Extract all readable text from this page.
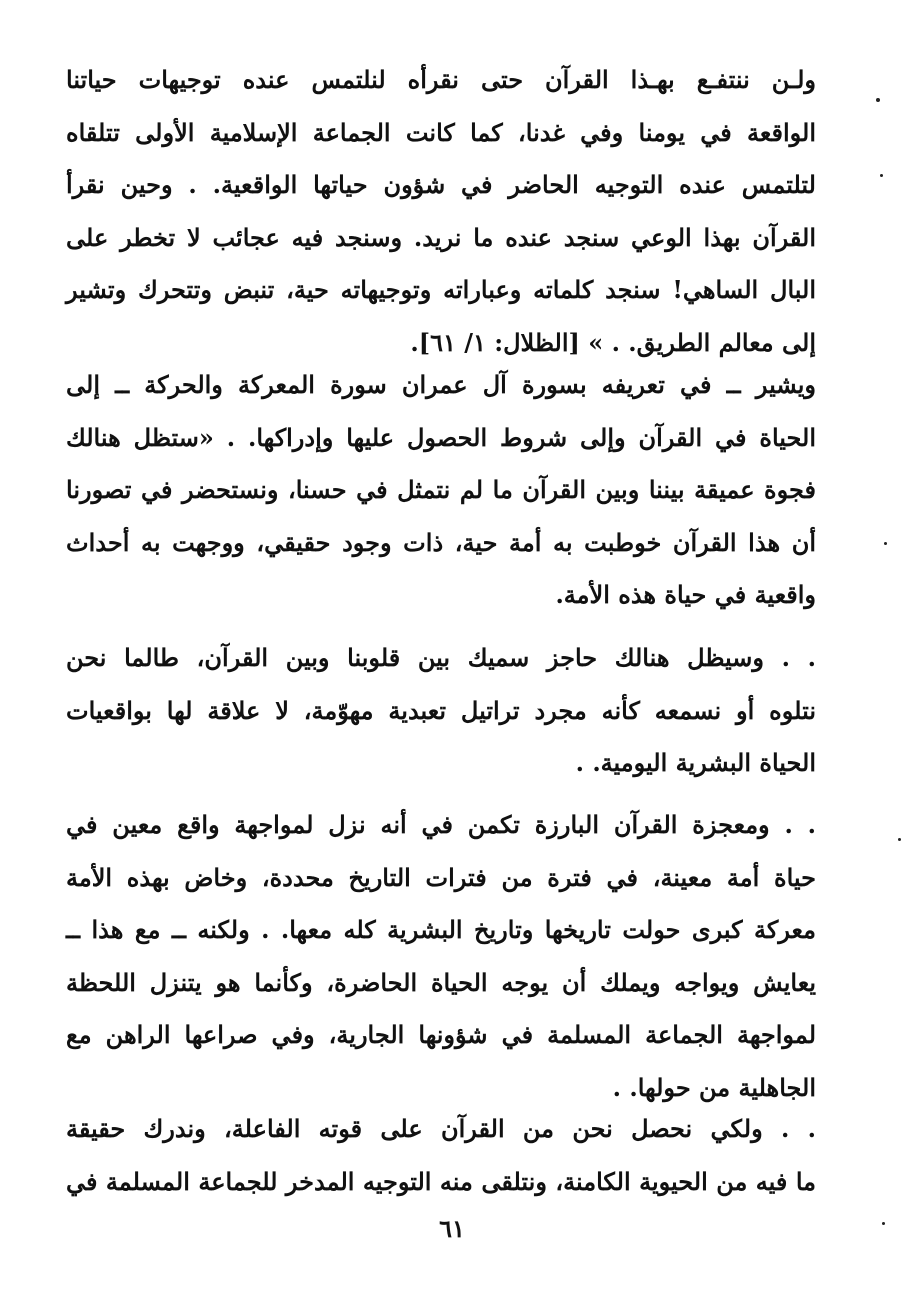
ولـن ننتفـع بهـذا القرآن حتى نقرأه لنلتمس عنده توجيهات حياتنا
الواقعة في يومنا وفي غدنا، كما كانت الجماعة الإسلامية الأولى تتلقاه
لتلتمس عنده التوجيه الحاضر في شؤون حياتها الواقعية. . وحين نقرأ
القرآن بهذا الوعي سنجد عنده ما نريد. وسنجد فيه عجائب لا تخطر على
البال الساهي! سنجد كلماته وعباراته وتوجيهاته حية، تنبض وتتحرك وتشير
إلى معالم الطريق. . » [الظلال: ١/ ٦١].
ويشير ــ في تعريفه بسورة آل عمران سورة المعركة والحركة ــ إلى
الحياة في القرآن وإلى شروط الحصول عليها وإدراكها. . «ستظل هنالك
فجوة عميقة بيننا وبين القرآن ما لم نتمثل في حسنا، ونستحضر في تصورنا
أن هذا القرآن خوطبت به أمة حية، ذات وجود حقيقي، ووجهت به أحداث
واقعية في حياة هذه الأمة.
. . وسيظل هنالك حاجز سميك بين قلوبنا وبين القرآن، طالما نحن
نتلوه أو نسمعه كأنه مجرد تراتيل تعبدية مهوّمة، لا علاقة لها بواقعيات
الحياة البشرية اليومية. .
. . ومعجزة القرآن البارزة تكمن في أنه نزل لمواجهة واقع معين في
حياة أمة معينة، في فترة من فترات التاريخ محددة، وخاض بهذه الأمة
معركة كبرى حولت تاريخها وتاريخ البشرية كله معها. . ولكنه ــ مع هذا ــ
يعايش ويواجه ويملك أن يوجه الحياة الحاضرة، وكأنما هو يتنزل اللحظة
لمواجهة الجماعة المسلمة في شؤونها الجارية، وفي صراعها الراهن مع
الجاهلية من حولها. .
. . ولكي نحصل نحن من القرآن على قوته الفاعلة، وندرك حقيقة
ما فيه من الحيوية الكامنة، ونتلقى منه التوجيه المدخر للجماعة المسلمة في
٦١
